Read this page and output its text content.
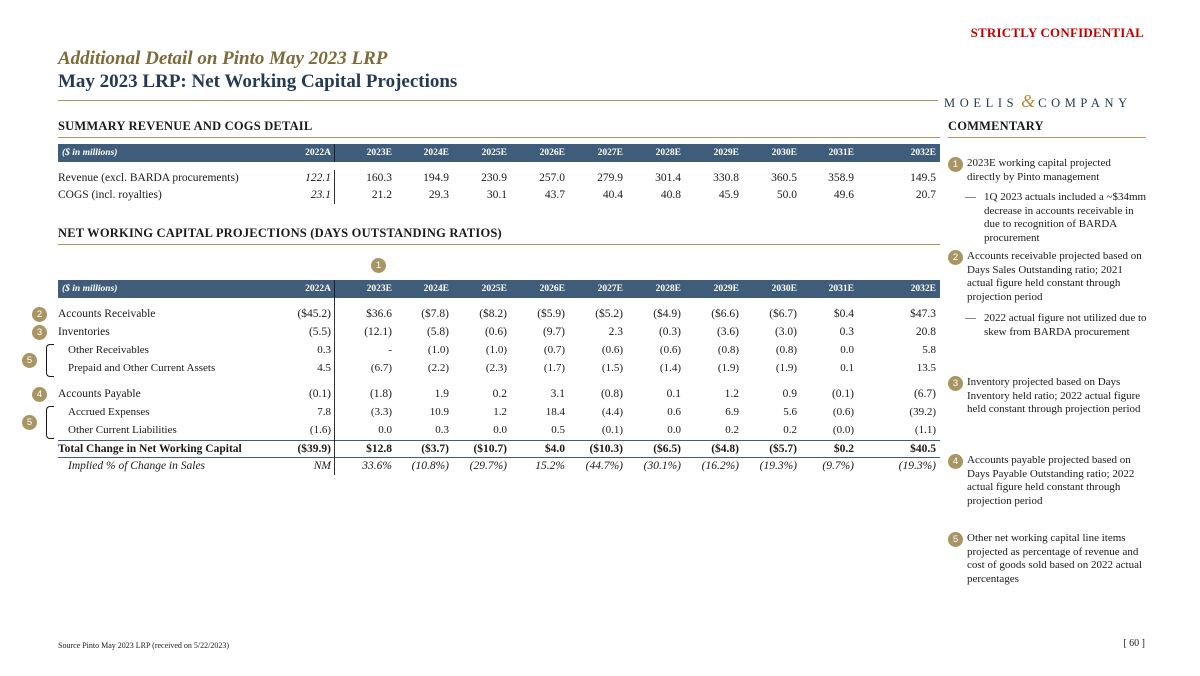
STRICTLY CONFIDENTIAL
Additional Detail on Pinto May 2023 LRP
May 2023 LRP: Net Working Capital Projections
MOELIS & COMPANY
SUMMARY REVENUE AND COGS DETAIL
($ in millions)	2022A	2023E	2024E	2025E	2026E	2027E	2028E	2029E	2030E	2031E	2032E
Revenue (excl. BARDA procurements)	122.1	160.3	194.9	230.9	257.0	279.9	301.4	330.8	360.5	358.9	149.5
COGS (incl. royalties)	23.1	21.2	29.3	30.1	43.7	40.4	40.8	45.9	50.0	49.6	20.7
NET WORKING CAPITAL PROJECTIONS (DAYS OUTSTANDING RATIOS)
1
($ in millions)	2022A	2023E	2024E	2025E	2026E	2027E	2028E	2029E	2030E	2031E	2032E
Accounts Receivable	($45.2)	$36.6	($7.8)	($8.2)	($5.9)	($5.2)	($4.9)	($6.6)	($6.7)	$0.4	$47.3
Inventories	(5.5)	(12.1)	(5.8)	(0.6)	(9.7)	2.3	(0.3)	(3.6)	(3.0)	0.3	20.8
Other Receivables	0.3	-	(1.0)	(1.0)	(0.7)	(0.6)	(0.6)	(0.8)	(0.8)	0.0	5.8
Prepaid and Other Current Assets	4.5	(6.7)	(2.2)	(2.3)	(1.7)	(1.5)	(1.4)	(1.9)	(1.9)	0.1	13.5
Accounts Payable	(0.1)	(1.8)	1.9	0.2	3.1	(0.8)	0.1	1.2	0.9	(0.1)	(6.7)
Accrued Expenses	7.8	(3.3)	10.9	1.2	18.4	(4.4)	0.6	6.9	5.6	(0.6)	(39.2)
Other Current Liabilities	(1.6)	0.0	0.3	0.0	0.5	(0.1)	0.0	0.2	0.2	(0.0)	(1.1)
Total Change in Net Working Capital	($39.9)	$12.8	($3.7)	($10.7)	$4.0	($10.3)	($6.5)	($4.8)	($5.7)	$0.2	$40.5
Implied % of Change in Sales	NM	33.6%	(10.8%)	(29.7%)	15.2%	(44.7%)	(30.1%)	(16.2%)	(19.3%)	(9.7%)	(19.3%)
5
5
COMMENTARY
1 2023E working capital projected directly by Pinto management
— 1Q 2023 actuals included a ~$34mm decrease in accounts receivable in due to recognition of BARDA procurement
2 Accounts receivable projected based on Days Sales Outstanding ratio; 2021 actual figure held constant through projection period
— 2022 actual figure not utilized due to skew from BARDA procurement
3 Inventory projected based on Days Inventory held ratio; 2022 actual figure held constant through projection period
4 Accounts payable projected based on Days Payable Outstanding ratio; 2022 actual figure held constant through projection period
5 Other net working capital line items projected as percentage of revenue and cost of goods sold based on 2022 actual percentages
Source Pinto May 2023 LRP (received on 5/22/2023)	[ 60 ]
2
3
4
